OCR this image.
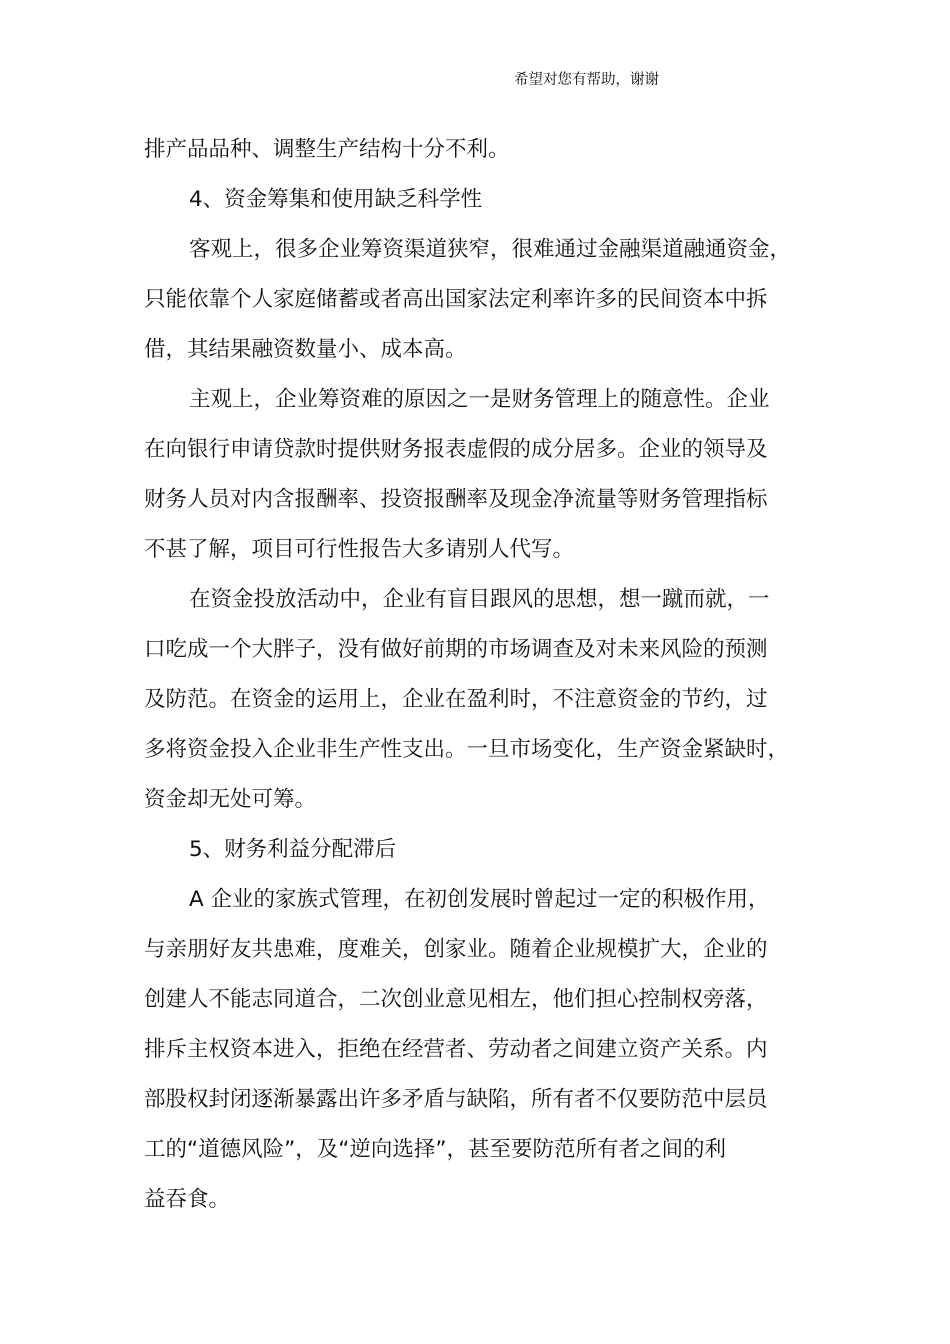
希望对您有帮助，谢谢
排产品品种、调整生产结构十分不利。
4、资金筹集和使用缺乏科学性
客观上，很多企业筹资渠道狭窄，很难通过金融渠道融通资金，
只能依靠个人家庭储蓄或者高出国家法定利率许多的民间资本中拆
借，其结果融资数量小、成本高。
主观上，企业筹资难的原因之一是财务管理上的随意性。企业
在向银行申请贷款时提供财务报表虚假的成分居多。企业的领导及
财务人员对内含报酬率、投资报酬率及现金净流量等财务管理指标
不甚了解，项目可行性报告大多请别人代写。
在资金投放活动中，企业有盲目跟风的思想，想一蹴而就，一
口吃成一个大胖子，没有做好前期的市场调查及对未来风险的预测
及防范。在资金的运用上，企业在盈利时，不注意资金的节约，过
多将资金投入企业非生产性支出。一旦市场变化，生产资金紧缺时，
资金却无处可筹。
5、财务利益分配滞后
A 企业的家族式管理，在初创发展时曾起过一定的积极作用，
与亲朋好友共患难，度难关，创家业。随着企业规模扩大，企业的
创建人不能志同道合，二次创业意见相左，他们担心控制权旁落，
排斥主权资本进入，拒绝在经营者、劳动者之间建立资产关系。内
部股权封闭逐渐暴露出许多矛盾与缺陷，所有者不仅要防范中层员
工的“道德风险”，及“逆向选择”，甚至要防范所有者之间的利
益吞食。
